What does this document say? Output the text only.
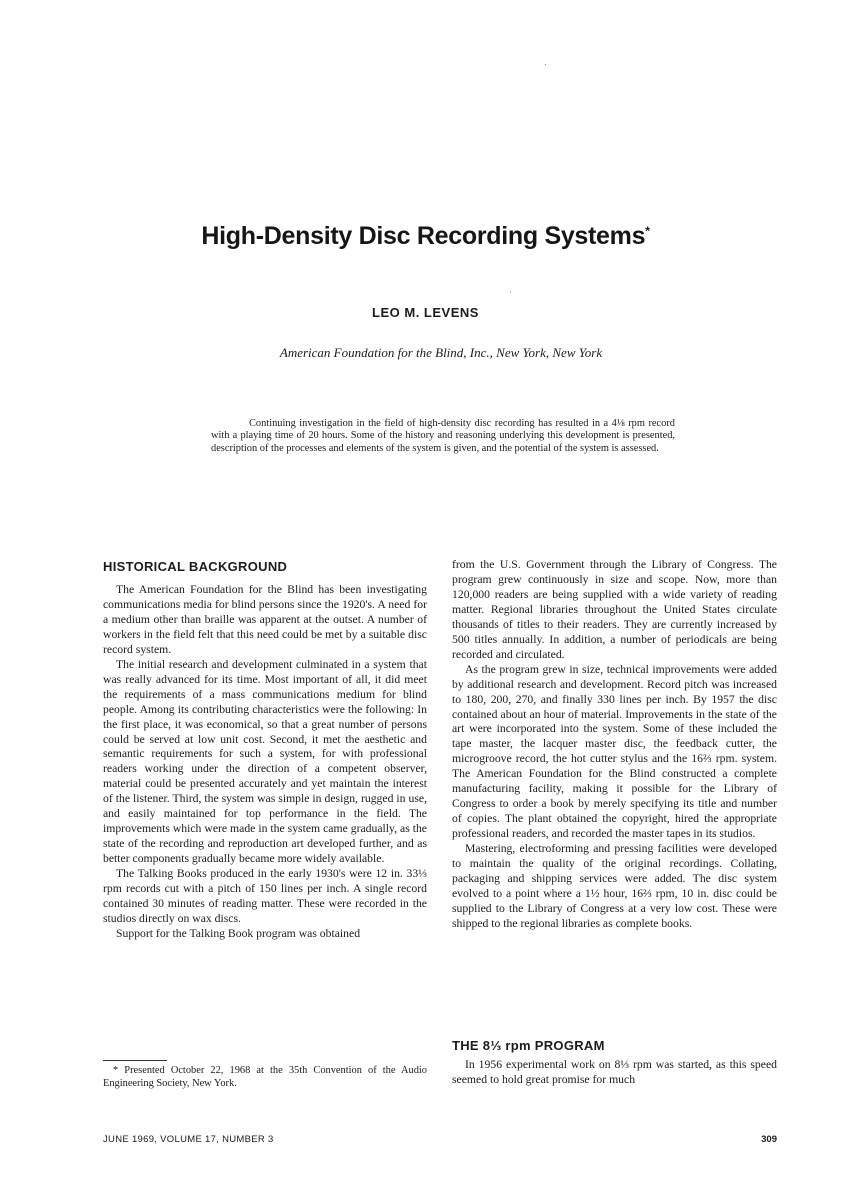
High-Density Disc Recording Systems*
LEO M. LEVENS
American Foundation for the Blind, Inc., New York, New York
Continuing investigation in the field of high-density disc recording has resulted in a 4⅛ rpm record with a playing time of 20 hours. Some of the history and reasoning underlying this development is presented, description of the processes and elements of the system is given, and the potential of the system is assessed.
HISTORICAL BACKGROUND

The American Foundation for the Blind has been investigating communications media for blind persons since the 1920's. A need for a medium other than braille was apparent at the outset. A number of workers in the field felt that this need could be met by a suitable disc record system.

The initial research and development culminated in a system that was really advanced for its time. Most important of all, it did meet the requirements of a mass communications medium for blind people. Among its contributing characteristics were the following: In the first place, it was economical, so that a great number of persons could be served at low unit cost. Second, it met the aesthetic and semantic requirements for such a system, for with professional readers working under the direction of a competent observer, material could be presented accurately and yet maintain the interest of the listener. Third, the system was simple in design, rugged in use, and easily maintained for top performance in the field. The improvements which were made in the system came gradually, as the state of the recording and reproduction art developed further, and as better components gradually became more widely available.

The Talking Books produced in the early 1930's were 12 in. 33⅓ rpm records cut with a pitch of 150 lines per inch. A single record contained 30 minutes of reading matter. These were recorded in the studios directly on wax discs.

Support for the Talking Book program was obtained

from the U.S. Government through the Library of Congress. The program grew continuously in size and scope. Now, more than 120,000 readers are being supplied with a wide variety of reading matter. Regional libraries throughout the United States circulate thousands of titles to their readers. They are currently increased by 500 titles annually. In addition, a number of periodicals are being recorded and circulated.

As the program grew in size, technical improvements were added by additional research and development. Record pitch was increased to 180, 200, 270, and finally 330 lines per inch. By 1957 the disc contained about an hour of material. Improvements in the state of the art were incorporated into the system. Some of these included the tape master, the lacquer master disc, the feedback cutter, the microgroove record, the hot cutter stylus and the 16⅔ rpm. system. The American Foundation for the Blind constructed a complete manufacturing facility, making it possible for the Library of Congress to order a book by merely specifying its title and number of copies. The plant obtained the copyright, hired the appropriate professional readers, and recorded the master tapes in its studios.

Mastering, electroforming and pressing facilities were developed to maintain the quality of the original recordings. Collating, packaging and shipping services were added. The disc system evolved to a point where a 1½ hour, 16⅔ rpm, 10 in. disc could be supplied to the Library of Congress at a very low cost. These were shipped to the regional libraries as complete books.

THE 8⅓ rpm PROGRAM

In 1956 experimental work on 8⅓ rpm was started, as this speed seemed to hold great promise for much

* Presented October 22, 1968 at the 35th Convention of the Audio Engineering Society, New York.
JUNE 1969, VOLUME 17, NUMBER 3	309
